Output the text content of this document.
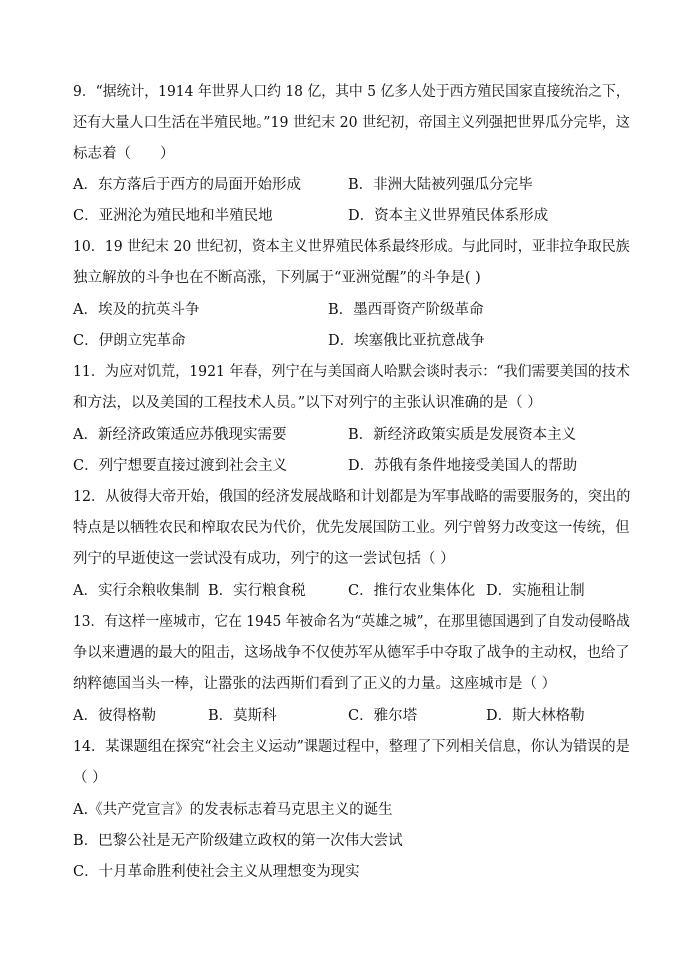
9．“据统计，1914 年世界人口约 18 亿，其中 5 亿多人处于西方殖民国家直接统治之下，
还有大量人口生活在半殖民地。”19 世纪末 20 世纪初，帝国主义列强把世界瓜分完毕，这
标志着（　　）
A．东方落后于西方的局面开始形成	B．非洲大陆被列强瓜分完毕
C．亚洲沦为殖民地和半殖民地	D．资本主义世界殖民体系形成
10．19 世纪末 20 世纪初，资本主义世界殖民体系最终形成。与此同时，亚非拉争取民族
独立解放的斗争也在不断高涨，下列属于“亚洲觉醒”的斗争是( )
A．埃及的抗英斗争	B．墨西哥资产阶级革命
C．伊朗立宪革命	D．埃塞俄比亚抗意战争
11．为应对饥荒，1921 年春，列宁在与美国商人哈默会谈时表示：“我们需要美国的技术
和方法，以及美国的工程技术人员。”以下对列宁的主张认识准确的是（ ）
A．新经济政策适应苏俄现实需要	B．新经济政策实质是发展资本主义
C．列宁想要直接过渡到社会主义	D．苏俄有条件地接受美国人的帮助
12．从彼得大帝开始，俄国的经济发展战略和计划都是为军事战略的需要服务的，突出的
特点是以牺牲农民和榨取农民为代价，优先发展国防工业。列宁曾努力改变这一传统，但
列宁的早逝使这一尝试没有成功，列宁的这一尝试包括（ ）
A．实行余粮收集制 B．实行粮食税	C．推行农业集体化 D．实施租让制
13．有这样一座城市，它在 1945 年被命名为“英雄之城”，在那里德国遇到了自发动侵略战
争以来遭遇的最大的阻击，这场战争不仅使苏军从德军手中夺取了战争的主动权，也给了
纳粹德国当头一棒，让嚣张的法西斯们看到了正义的力量。这座城市是（ ）
A．彼得格勒	B．莫斯科	C．雅尔塔	D．斯大林格勒
14．某课题组在探究“社会主义运动”课题过程中，整理了下列相关信息，你认为错误的是
（ ）
A.《共产党宣言》的发表标志着马克思主义的诞生
B．巴黎公社是无产阶级建立政权的第一次伟大尝试
C．十月革命胜利使社会主义从理想变为现实
